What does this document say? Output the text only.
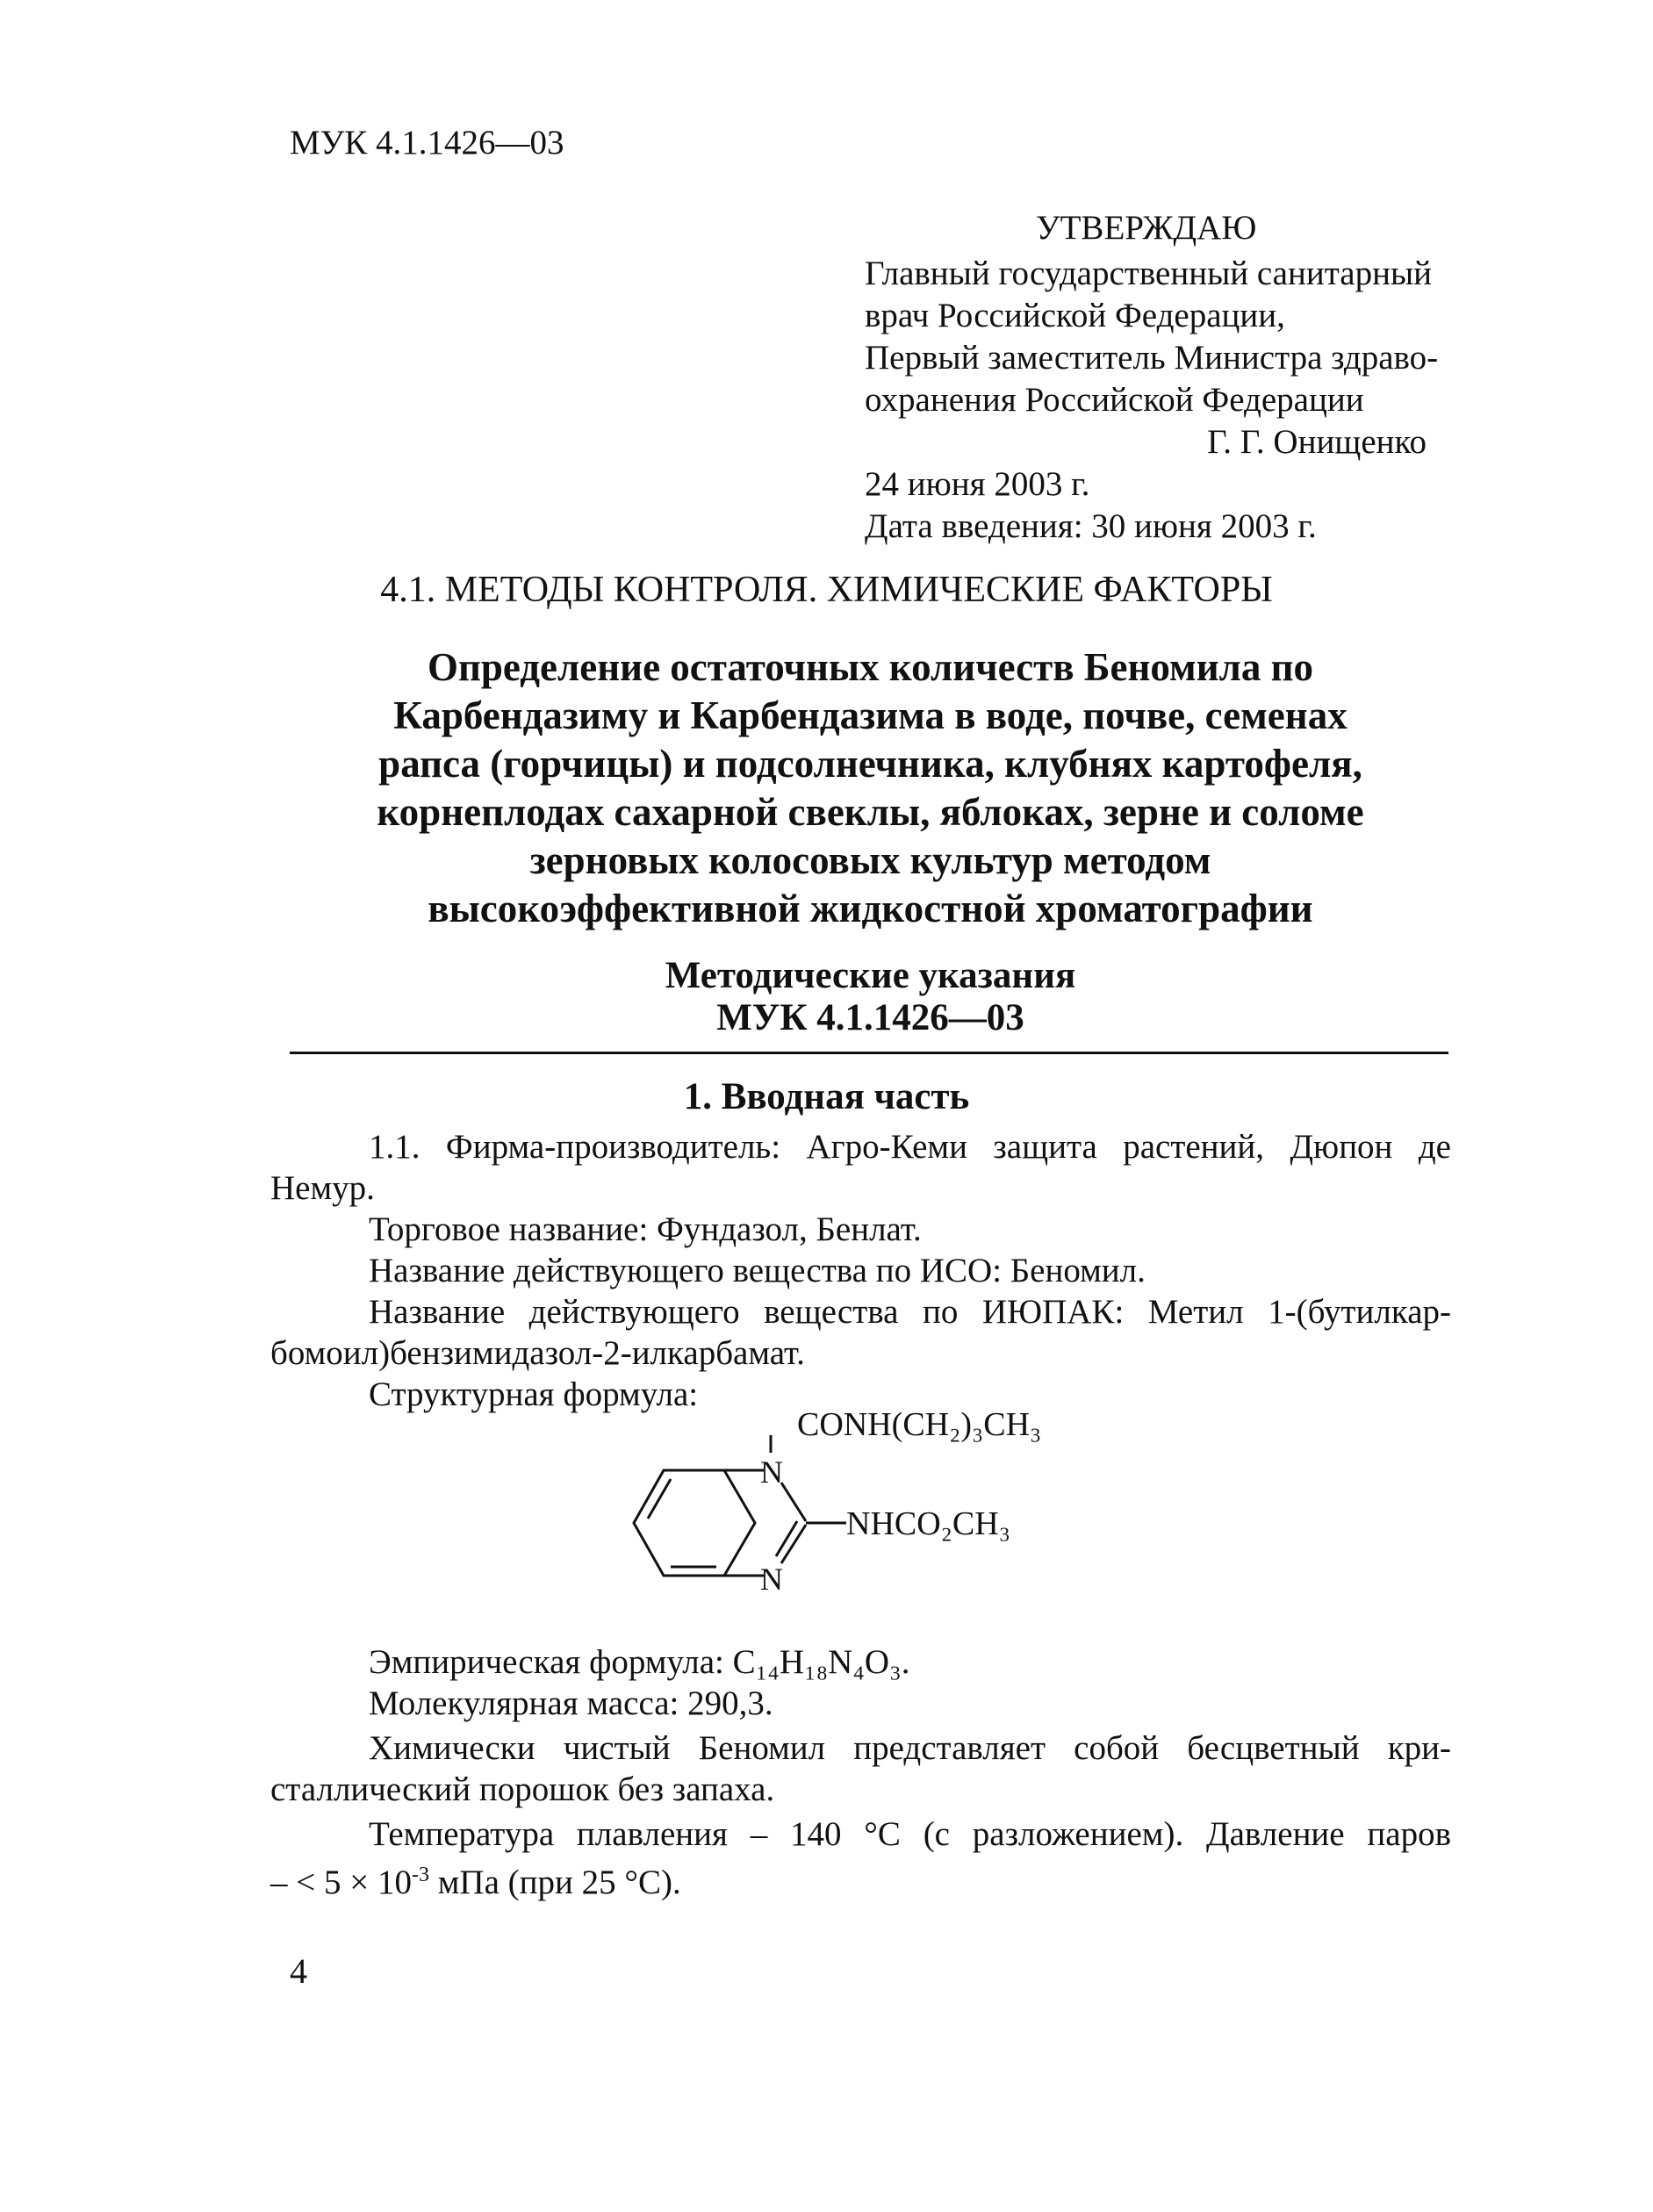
МУК 4.1.1426—03
УТВЕРЖДАЮ
Главный государственный санитарный
врач Российской Федерации,
Первый заместитель Министра здраво-
охранения Российской Федерации
Г. Г. Онищенко
24 июня 2003 г.
Дата введения: 30 июня 2003 г.
4.1. МЕТОДЫ КОНТРОЛЯ. ХИМИЧЕСКИЕ ФАКТОРЫ
Определение остаточных количеств Беномила по
Карбендазиму и Карбендазима в воде, почве, семенах
рапса (горчицы) и подсолнечника, клубнях картофеля,
корнеплодах сахарной свеклы, яблоках, зерне и соломе
зерновых колосовых культур методом
высокоэффективной жидкостной хроматографии
Методические указания
МУК 4.1.1426—03
1. Вводная часть
1.1. Фирма-производитель: Агро-Кеми защита растений, Дюпон де
Немур.
Торговое название: Фундазол, Бенлат.
Название действующего вещества по ИСО: Беномил.
Название действующего вещества по ИЮПАК: Метил 1-(бутилкар-
бомоил)бензимидазол-2-илкарбамат.
Структурная формула:
CONH(CH₂)₃CH₃
N
N
NHCO₂CH₃
Эмпирическая формула: C₁₄H₁₈N₄O₃.
Молекулярная масса: 290,3.
Химически чистый Беномил представляет собой бесцветный кри-
сталлический порошок без запаха.
Температура плавления – 140 °С (с разложением). Давление паров
– < $5 \times 10^{-3}$ мПа (при 25 °С).
4
